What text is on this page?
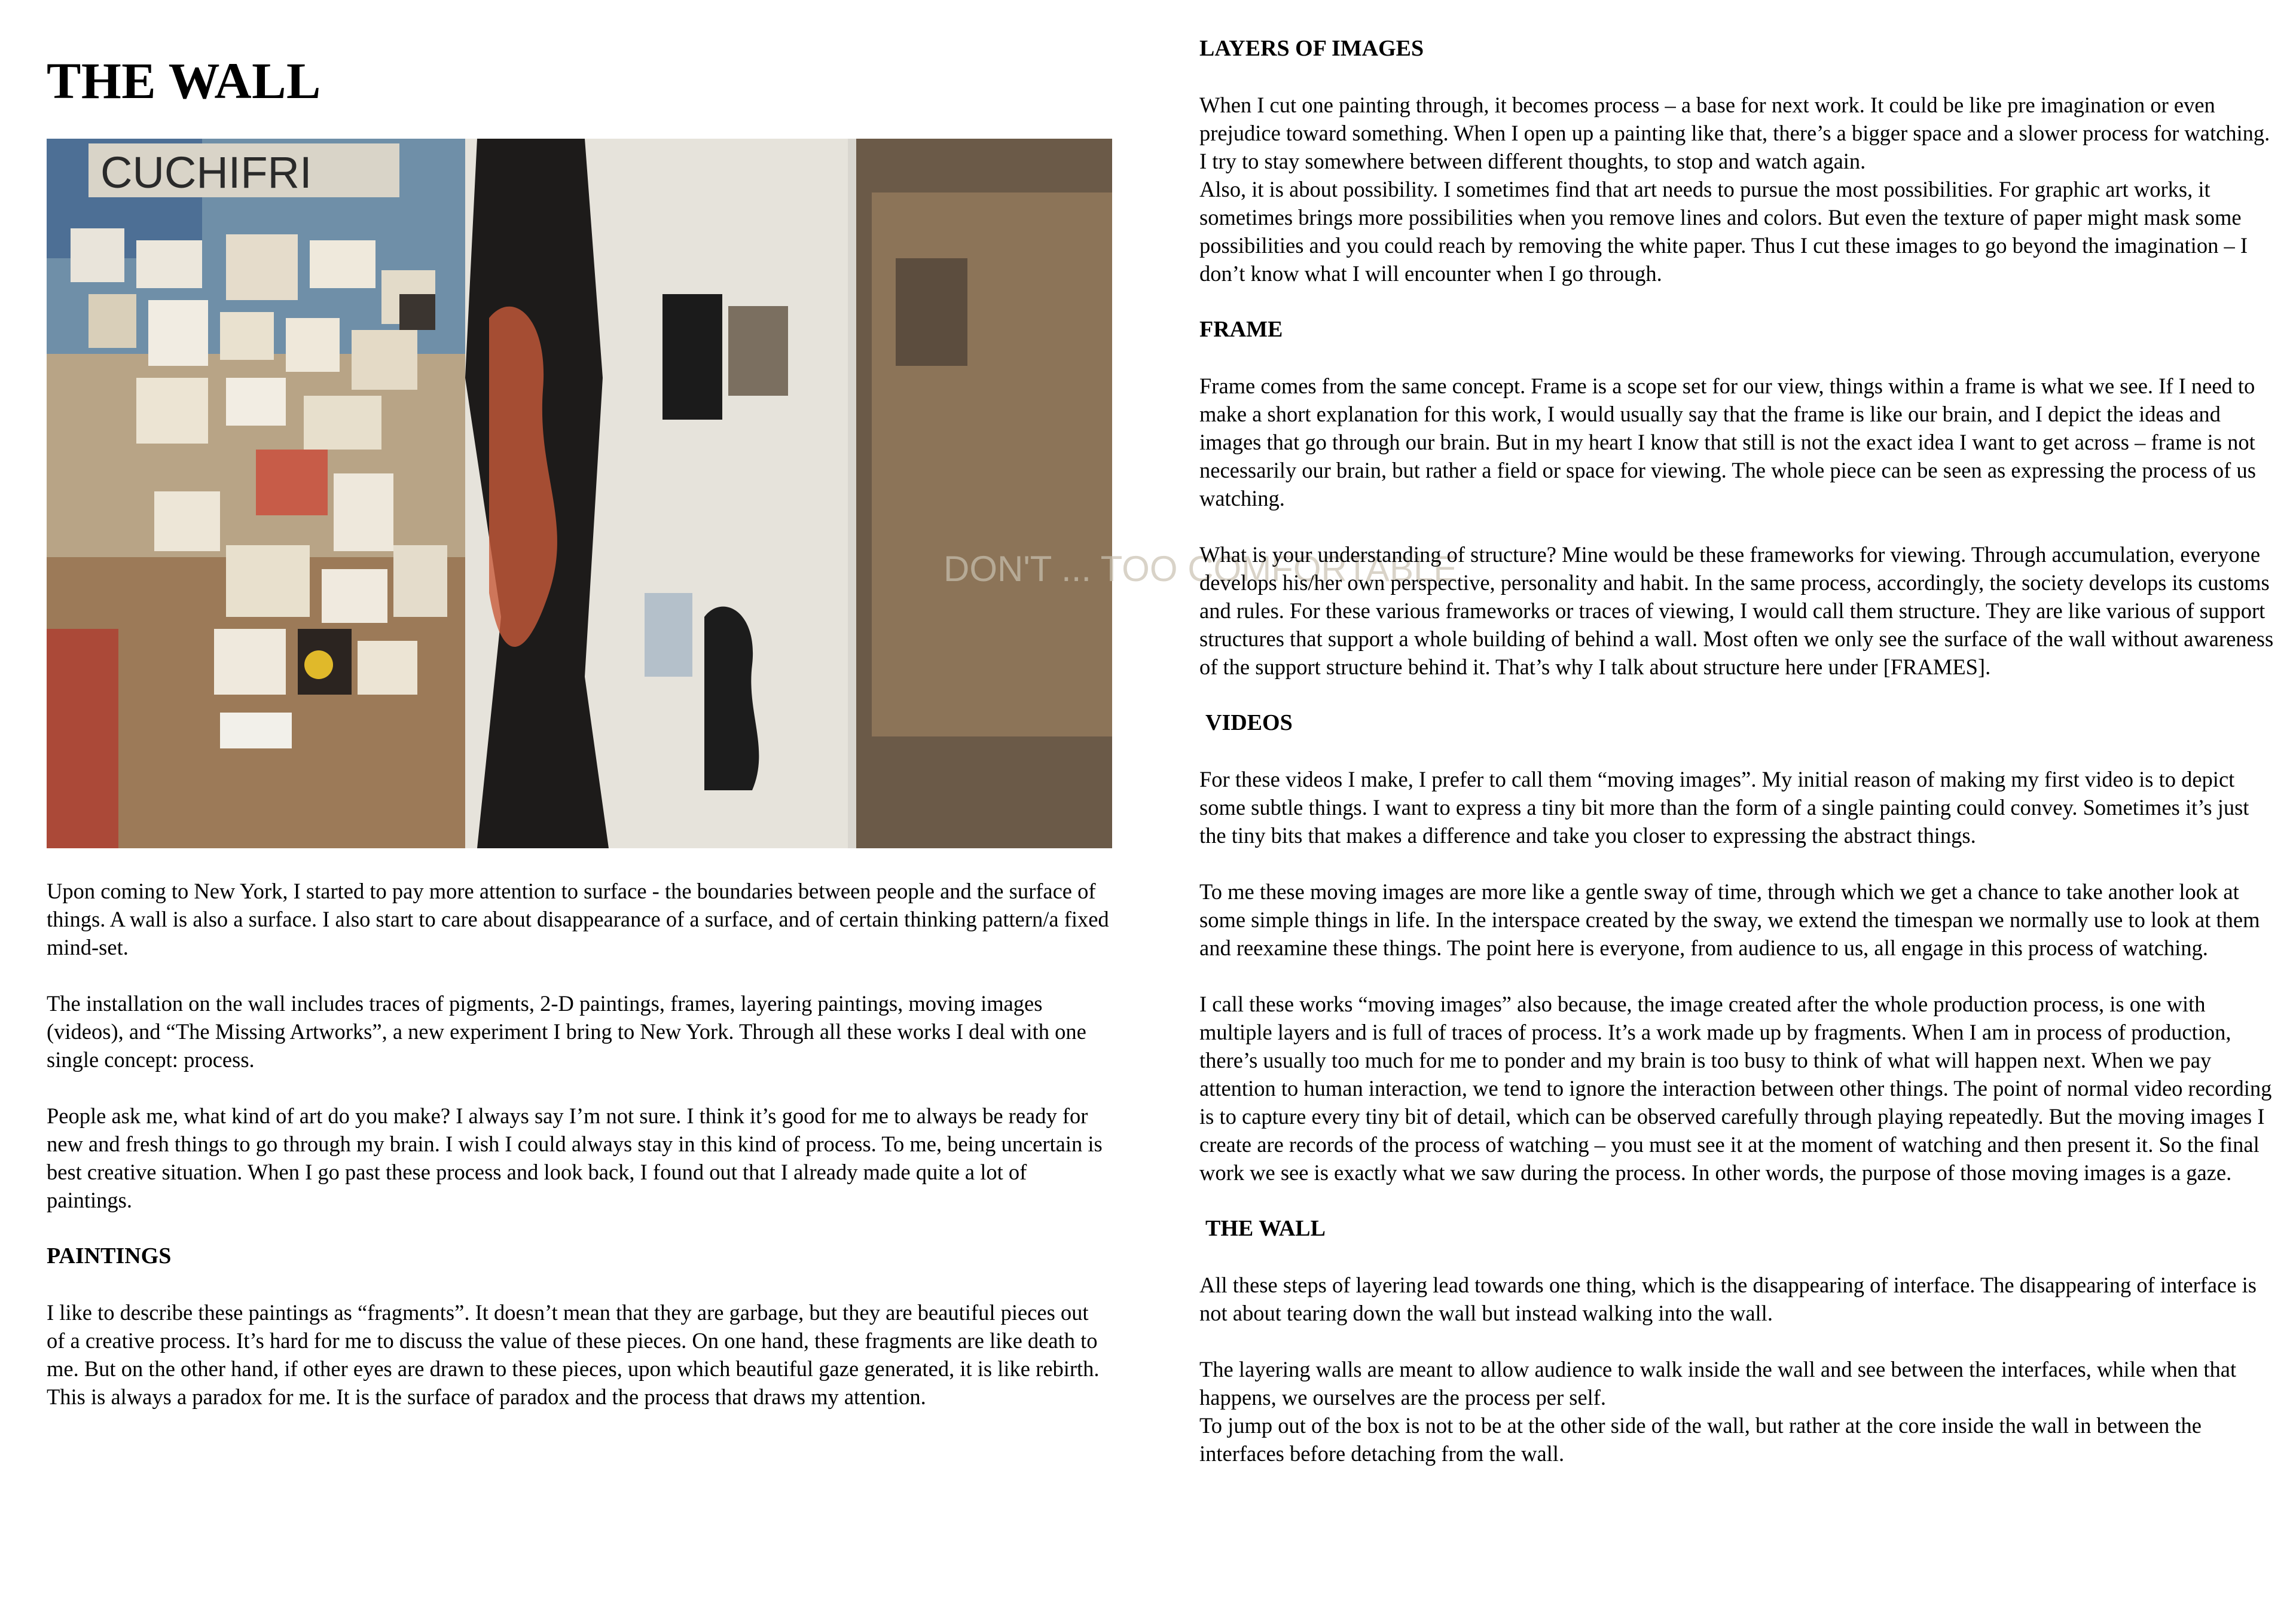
THE WALL
CUCHIFRI
DON'T ... TOO COMFORTABLE

Upon coming to New York, I started to pay more attention to surface - the boundaries between people and the surface of things. A wall is also a surface. I also start to care about disappearance of a surface, and of certain thinking pattern/a fixed mind-set.

The installation on the wall includes traces of pigments, 2-D paintings, frames, layering paintings, moving images (videos), and “The Missing Artworks”, a new experiment I bring to New York. Through all these works I deal with one single concept: process.

People ask me, what kind of art do you make? I always say I’m not sure. I think it’s good for me to always be ready for new and fresh things to go through my brain. I wish I could always stay in this kind of process. To me, being uncertain is best creative situation. When I go past these process and look back, I found out that I already made quite a lot of paintings.

PAINTINGS

I like to describe these paintings as “fragments”. It doesn’t mean that they are garbage, but they are beautiful pieces out of a creative process. It’s hard for me to discuss the value of these pieces. On one hand, these fragments are like death to me. But on the other hand, if other eyes are drawn to these pieces, upon which beautiful gaze generated, it is like rebirth. This is always a paradox for me. It is the surface of paradox and the process that draws my attention.

LAYERS OF IMAGES

When I cut one painting through, it becomes process – a base for next work. It could be like pre imagination or even prejudice toward something. When I open up a painting like that, there’s a bigger space and a slower process for watching. I try to stay somewhere between different thoughts, to stop and watch again.

Also, it is about possibility. I sometimes find that art needs to pursue the most possibilities. For graphic art works, it sometimes brings more possibilities when you remove lines and colors. But even the texture of paper might mask some possibilities and you could reach by removing the white paper. Thus I cut these images to go beyond the imagination – I don’t know what I will encounter when I go through.

FRAME

Frame comes from the same concept. Frame is a scope set for our view, things within a frame is what we see. If I need to make a short explanation for this work, I would usually say that the frame is like our brain, and I depict the ideas and images that go through our brain. But in my heart I know that still is not the exact idea I want to get across – frame is not necessarily our brain, but rather a field or space for viewing. The whole piece can be seen as expressing the process of us watching.

What is your understanding of structure? Mine would be these frameworks for viewing. Through accumulation, everyone develops his/her own perspective, personality and habit. In the same process, accordingly, the society develops its customs and rules. For these various frameworks or traces of viewing, I would call them structure. They are like various of support structures that support a whole building of behind a wall. Most often we only see the surface of the wall without awareness of the support structure behind it. That’s why I talk about structure here under [FRAMES].

VIDEOS

For these videos I make, I prefer to call them “moving images”. My initial reason of making my first video is to depict some subtle things. I want to express a tiny bit more than the form of a single painting could convey. Sometimes it’s just the tiny bits that makes a difference and take you closer to expressing the abstract things.

To me these moving images are more like a gentle sway of time, through which we get a chance to take another look at some simple things in life. In the interspace created by the sway, we extend the timespan we normally use to look at them and reexamine these things. The point here is everyone, from audience to us, all engage in this process of watching.

I call these works “moving images” also because, the image created after the whole production process, is one with multiple layers and is full of traces of process. It’s a work made up by fragments. When I am in process of production, there’s usually too much for me to ponder and my brain is too busy to think of what will happen next. When we pay attention to human interaction, we tend to ignore the interaction between other things. The point of normal video recording is to capture every tiny bit of detail, which can be observed carefully through playing repeatedly. But the moving images I create are records of the process of watching – you must see it at the moment of watching and then present it. So the final work we see is exactly what we saw during the process. In other words, the purpose of those moving images is a gaze.

THE WALL

All these steps of layering lead towards one thing, which is the disappearing of interface. The disappearing of interface is not about tearing down the wall but instead walking into the wall.

The layering walls are meant to allow audience to walk inside the wall and see between the interfaces, while when that happens, we ourselves are the process per self.

To jump out of the box is not to be at the other side of the wall, but rather at the core inside the wall in between the interfaces before detaching from the wall.
